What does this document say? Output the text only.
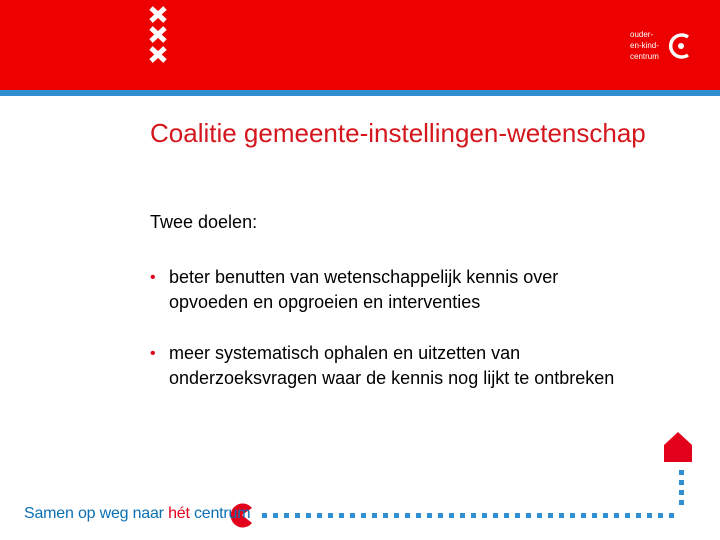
ouder-
en-kind-
centrum
Coalitie gemeente-instellingen-wetenschap
Twee doelen:
• beter benutten van wetenschappelijk kennis over opvoeden en opgroeien en interventies
• meer systematisch ophalen en uitzetten van onderzoeksvragen waar de kennis nog lijkt te ontbreken
Samen op weg naar hét centrum
